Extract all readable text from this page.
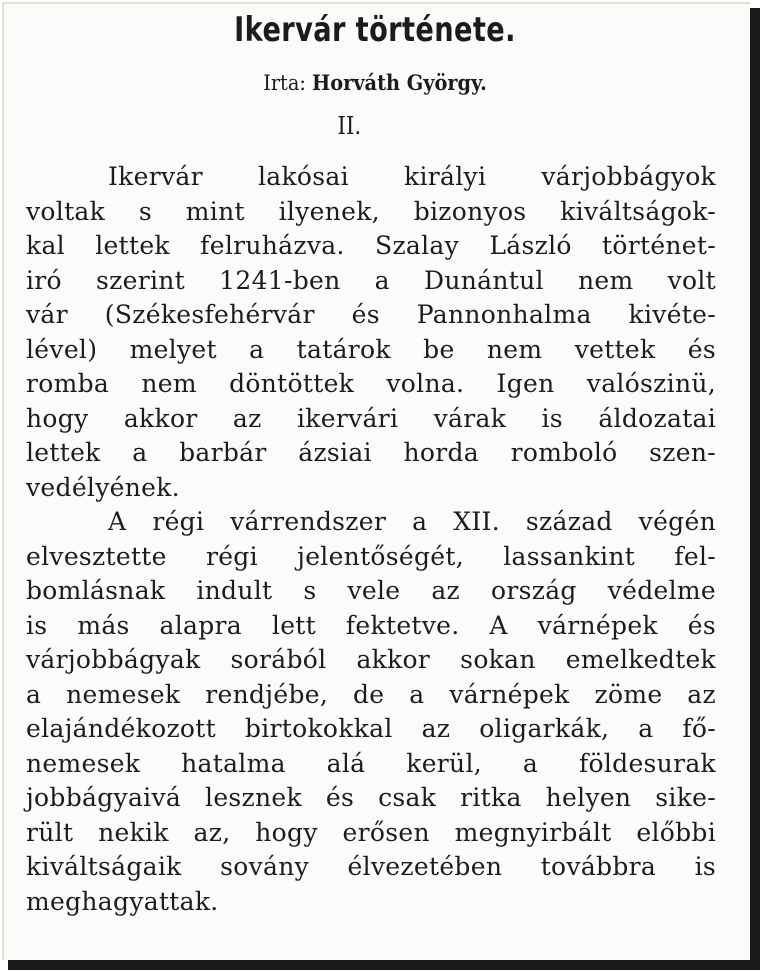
Ikervár története.
Irta: Horváth György.
II.
Ikervár lakósai királyi várjobbágyok
voltak s mint ilyenek, bizonyos kiváltságok-
kal lettek felruházva. Szalay László történet-
iró szerint 1241-ben a Dunántul nem volt
vár (Székesfehérvár és Pannonhalma kivéte-
lével) melyet a tatárok be nem vettek és
romba nem döntöttek volna. Igen valószinü,
hogy akkor az ikervári várak is áldozatai
lettek a barbár ázsiai horda romboló szen-
vedélyének.
A régi várrendszer a XII. század végén
elvesztette régi jelentőségét, lassankint fel-
bomlásnak indult s vele az ország védelme
is más alapra lett fektetve. A várnépek és
várjobbágyak sorából akkor sokan emelkedtek
a nemesek rendjébe, de a várnépek zöme az
elajándékozott birtokokkal az oligarkák, a fő-
nemesek hatalma alá kerül, a földesurak
jobbágyaivá lesznek és csak ritka helyen sike-
rült nekik az, hogy erősen megnyirbált előbbi
kiváltságaik sovány élvezetében továbbra is
meghagyattak.
